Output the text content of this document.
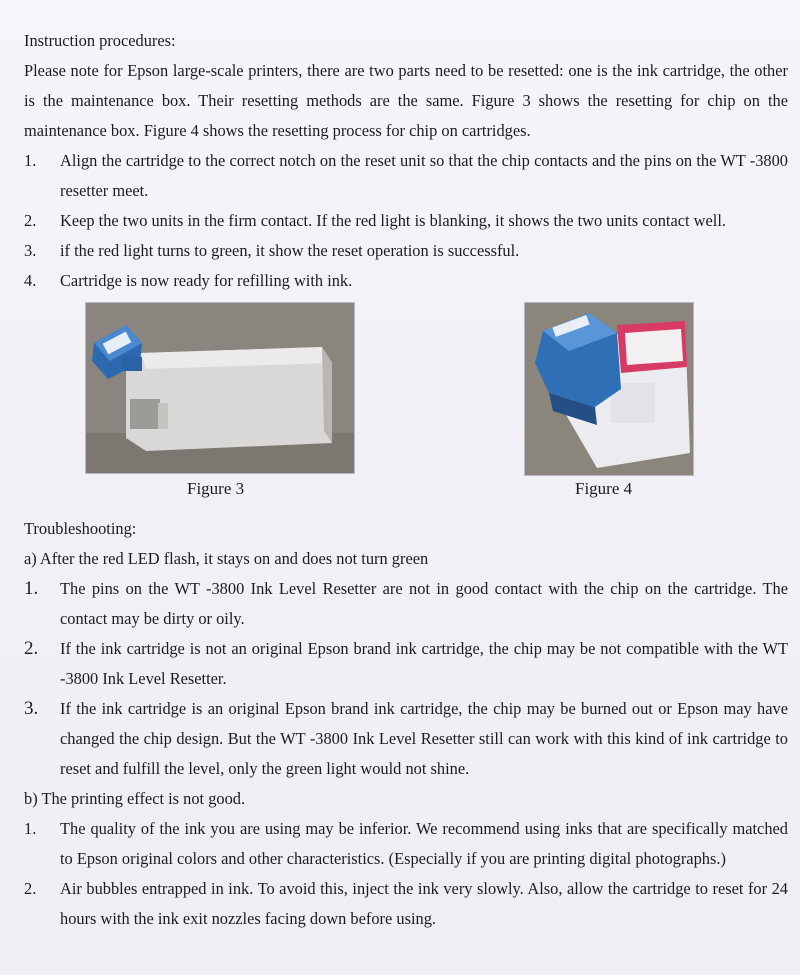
Instruction procedures:

Please note for Epson large-scale printers, there are two parts need to be resetted: one is the ink cartridge, the other is the maintenance box. Their resetting methods are the same. Figure 3 shows the resetting for chip on the maintenance box. Figure 4 shows the resetting process for chip on cartridges.

1. Align the cartridge to the correct notch on the reset unit so that the chip contacts and the pins on the WT -3800 resetter meet.
2. Keep the two units in the firm contact. If the red light is blanking, it shows the two units contact well.
3. if the red light turns to green, it show the reset operation is successful.
4. Cartridge is now ready for refilling with ink.
Figure 3	Figure 4

Troubleshooting:

a) After the red LED flash, it stays on and does not turn green

1. The pins on the WT -3800 Ink Level Resetter are not in good contact with the chip on the cartridge. The contact may be dirty or oily.
2. If the ink cartridge is not an original Epson brand ink cartridge, the chip may be not compatible with the WT -3800 Ink Level Resetter.
3. If the ink cartridge is an original Epson brand ink cartridge, the chip may be burned out or Epson may have changed the chip design. But the WT -3800 Ink Level Resetter still can work with this kind of ink cartridge to reset and fulfill the level, only the green light would not shine.

b) The printing effect is not good.

1. The quality of the ink you are using may be inferior. We recommend using inks that are specifically matched to Epson original colors and other characteristics. (Especially if you are printing digital photographs.)
2. Air bubbles entrapped in ink. To avoid this, inject the ink very slowly. Also, allow the cartridge to reset for 24 hours with the ink exit nozzles facing down before using.
